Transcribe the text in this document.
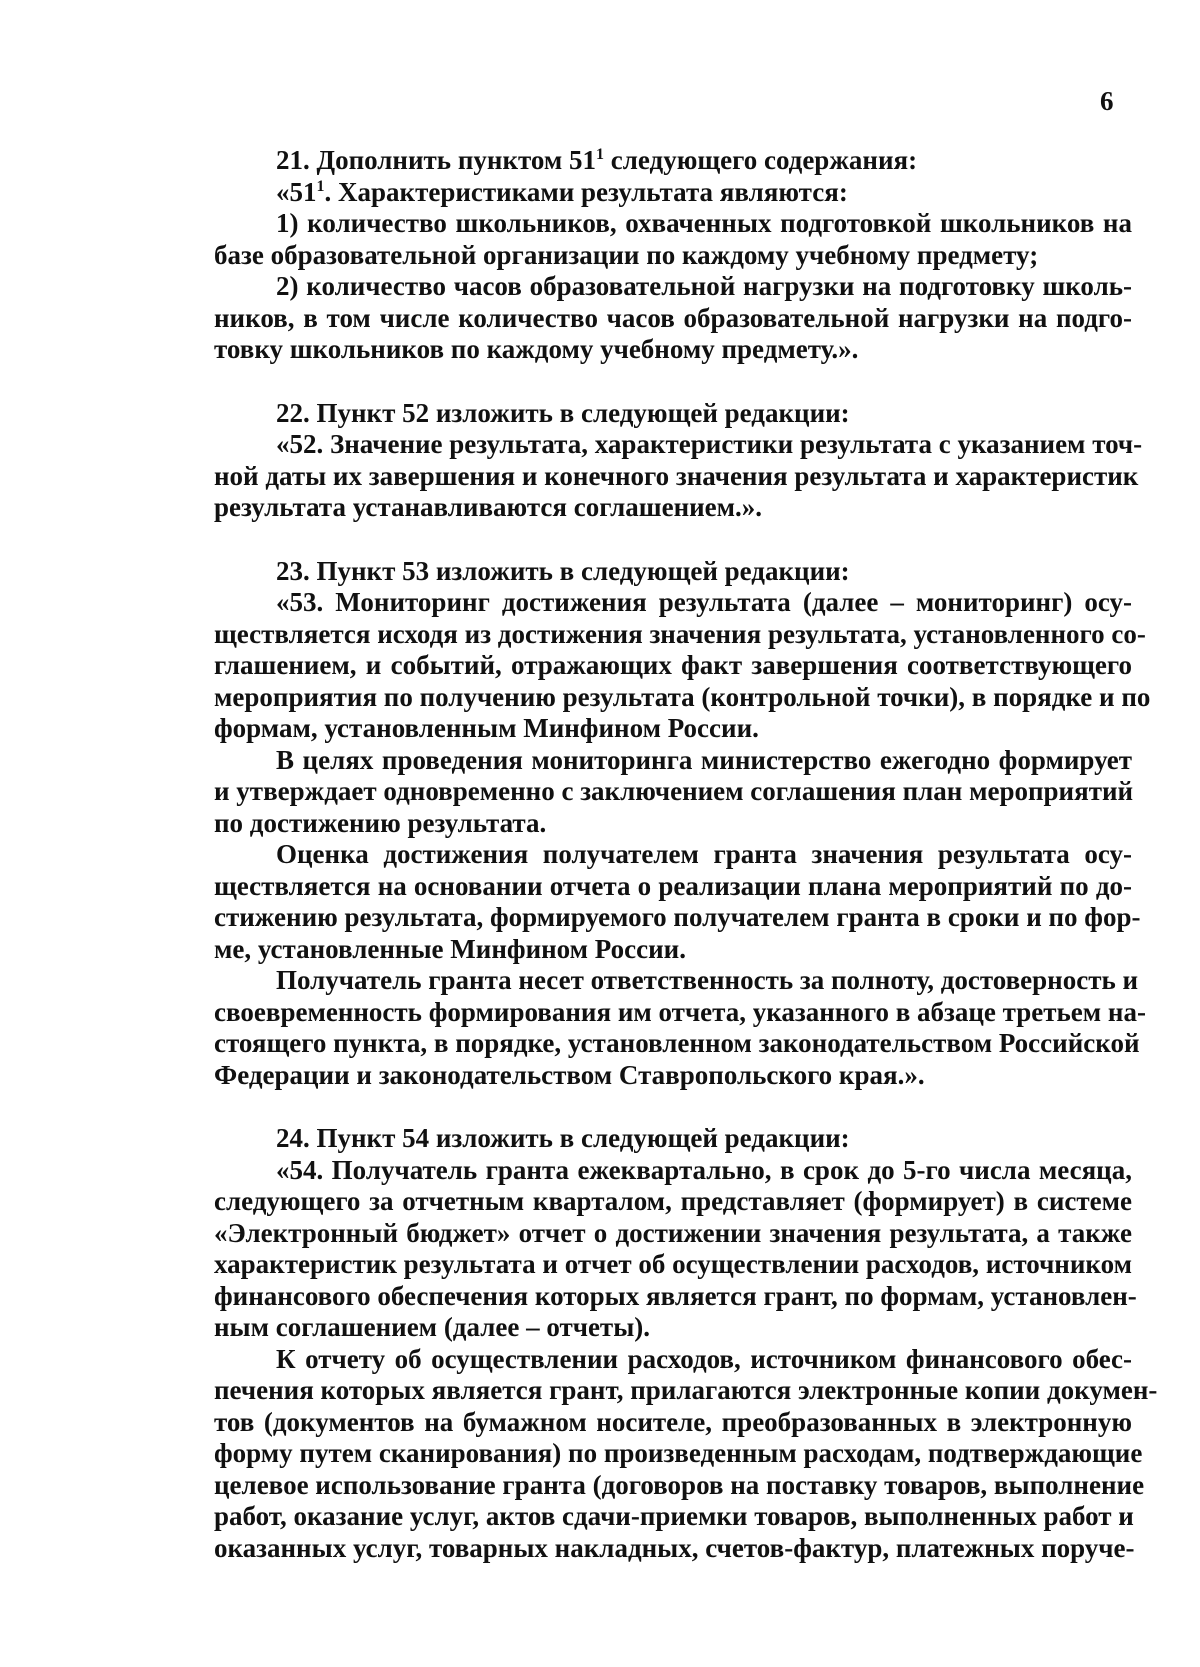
6
21. Дополнить пунктом $51^1$ следующего содержания:
«$51^1$. Характеристиками результата являются:
1) количество школьников, охваченных подготовкой школьников на
базе образовательной организации по каждому учебному предмету;
2) количество часов образовательной нагрузки на подготовку школь-
ников, в том числе количество часов образовательной нагрузки на подго-
товку школьников по каждому учебному предмету.».
22. Пункт 52 изложить в следующей редакции:
«52. Значение результата, характеристики результата с указанием точ-
ной даты их завершения и конечного значения результата и характеристик
результата устанавливаются соглашением.».
23. Пункт 53 изложить в следующей редакции:
«53. Мониторинг достижения результата (далее – мониторинг) осу-
ществляется исходя из достижения значения результата, установленного со-
глашением, и событий, отражающих факт завершения соответствующего
мероприятия по получению результата (контрольной точки), в порядке и по
формам, установленным Минфином России.
В целях проведения мониторинга министерство ежегодно формирует
и утверждает одновременно с заключением соглашения план мероприятий
по достижению результата.
Оценка достижения получателем гранта значения результата осу-
ществляется на основании отчета о реализации плана мероприятий по до-
стижению результата, формируемого получателем гранта в сроки и по фор-
ме, установленные Минфином России.
Получатель гранта несет ответственность за полноту, достоверность и
своевременность формирования им отчета, указанного в абзаце третьем на-
стоящего пункта, в порядке, установленном законодательством Российской
Федерации и законодательством Ставропольского края.».
24. Пункт 54 изложить в следующей редакции:
«54. Получатель гранта ежеквартально, в срок до 5-го числа месяца,
следующего за отчетным кварталом, представляет (формирует) в системе
«Электронный бюджет» отчет о достижении значения результата, а также
характеристик результата и отчет об осуществлении расходов, источником
финансового обеспечения которых является грант, по формам, установлен-
ным соглашением (далее – отчеты).
К отчету об осуществлении расходов, источником финансового обес-
печения которых является грант, прилагаются электронные копии докумен-
тов (документов на бумажном носителе, преобразованных в электронную
форму путем сканирования) по произведенным расходам, подтверждающие
целевое использование гранта (договоров на поставку товаров, выполнение
работ, оказание услуг, актов сдачи-приемки товаров, выполненных работ и
оказанных услуг, товарных накладных, счетов-фактур, платежных поруче-
